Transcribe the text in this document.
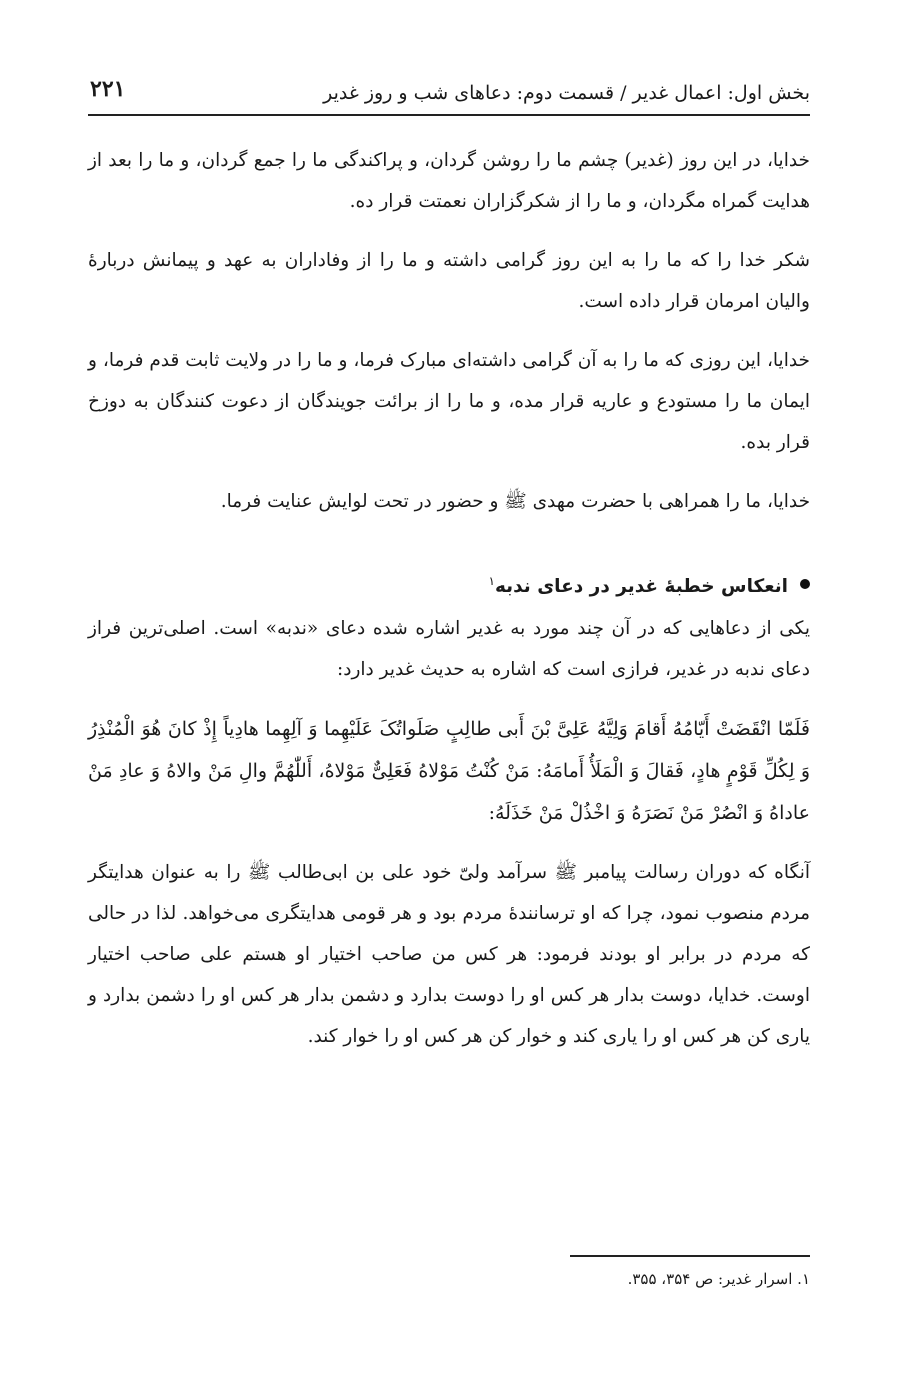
بخش اول: اعمال غدیر / قسمت دوم: دعاهای شب و روز غدیر
۲۲۱

خدایا، در این روز (غدیر) چشم ما را روشن گردان، و پراکندگی ما را جمع گردان، و ما را بعد از هدایت گمراه مگردان، و ما را از شکرگزاران نعمتت قرار ده.

شکر خدا را که ما را به این روز گرامی داشته و ما را از وفاداران به عهد و پیمانش دربارهٔ والیان امرمان قرار داده است.

خدایا، این روزی که ما را به آن گرامی داشته‌ای مبارک فرما، و ما را در ولایت ثابت قدم فرما، و ایمان ما را مستودع و عاریه قرار مده، و ما را از برائت جویندگان از دعوت کنندگان به دوزخ قرار بده.

خدایا، ما را همراهی با حضرت مهدی ﷺ و حضور در تحت لوایش عنایت فرما.

انعکاس خطبهٔ غدیر در دعای ندبه$^۱$

یکی از دعاهایی که در آن چند مورد به غدیر اشاره شده دعای «ندبه» است. اصلی‌ترین فراز دعای ندبه در غدیر، فرازی است که اشاره به حدیث غدیر دارد:

فَلَمّا انْقَضَتْ أَیّامُهُ أَقامَ وَلِیَّهُ عَلِیَّ بْنَ أَبی طالِبٍ صَلَواتُکَ عَلَیْهِما وَ آلِهِما هادِیاً إِذْ کانَ هُوَ الْمُنْذِرُ وَ لِکُلِّ قَوْمٍ هادٍ، فَقالَ وَ الْمَلَأُ أَمامَهُ: مَنْ کُنْتُ مَوْلاهُ فَعَلِیٌّ مَوْلاهُ، أَللّٰهُمَّ والِ مَنْ والاهُ وَ عادِ مَنْ عاداهُ وَ انْصُرْ مَنْ نَصَرَهُ وَ اخْذُلْ مَنْ خَذَلَهُ:

آنگاه که دوران رسالت پیامبر ﷺ سرآمد ولیّ خود علی بن ابی‌طالب ﷺ را به عنوان هدایتگر مردم منصوب نمود، چرا که او ترسانندهٔ مردم بود و هر قومی هدایتگری می‌خواهد. لذا در حالی که مردم در برابر او بودند فرمود: هر کس من صاحب اختیار او هستم علی صاحب اختیار اوست. خدایا، دوست بدار هر کس او را دوست بدارد و دشمن بدار هر کس او را دشمن بدارد و یاری کن هر کس او را یاری کند و خوار کن هر کس او را خوار کند.

۱. اسرار غدیر: ص ۳۵۴، ۳۵۵.
